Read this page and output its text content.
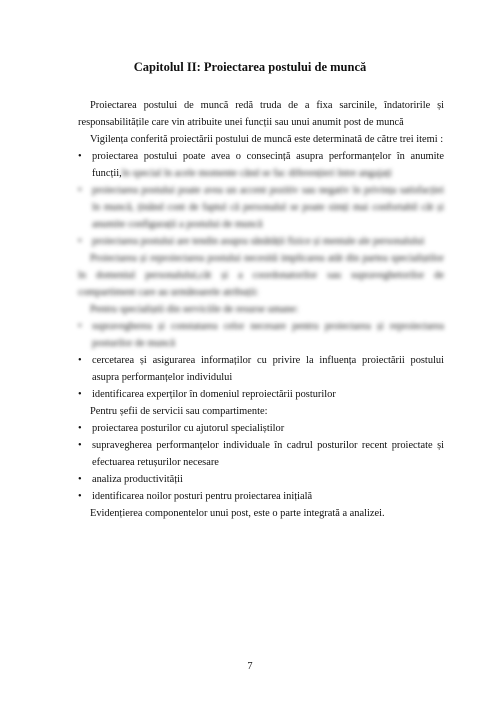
Capitolul II: Proiectarea postului de muncă

Proiectarea postului de muncă redă truda de a fixa sarcinile, îndatoririle și responsabilitățile care vin atribuite unei funcții sau unui anumit post de muncă

Vigilența conferită proiectării postului de muncă este determinată de către trei itemi :

• proiectarea postului poate avea o consecință asupra performanțelor în anumite funcții,în special în acele momente când se fac diferențieri între angajați
• proiectarea postului poate avea un accent pozitiv sau negativ în privința satisfacției în muncă, ținând cont de faptul că personalul se poate simți mai confortabil cât și anumite configurații a postului de muncă
• proiectarea postului are tendin asupra sănătății fizice și mentale ale personalului

Proiectarea și reproiectarea postului necesită implicarea atât din partea specialiștilor în domeniul personalului,cât și a coordonatorilor sau supraveghetorilor de compartiment care au următoarele atribuții:

Pentru specialiștii din serviciile de resurse umane:

• supravegherea și constatarea celor necesare pentru proiectarea și reproiectarea posturilor de muncă
• cercetarea și asigurarea informaților cu privire la influența proiectării postului asupra performanțelor individului
• identificarea experților în domeniul reproiectării posturilor

Pentru șefii de servicii sau compartimente:

• proiectarea posturilor cu ajutorul specialiștilor
• supravegherea performanțelor individuale în cadrul posturilor recent proiectate și efectuarea retușurilor necesare
• analiza productivității
• identificarea noilor posturi pentru proiectarea inițială

Evidențierea componentelor unui post, este o parte integrată a analizei.

7
